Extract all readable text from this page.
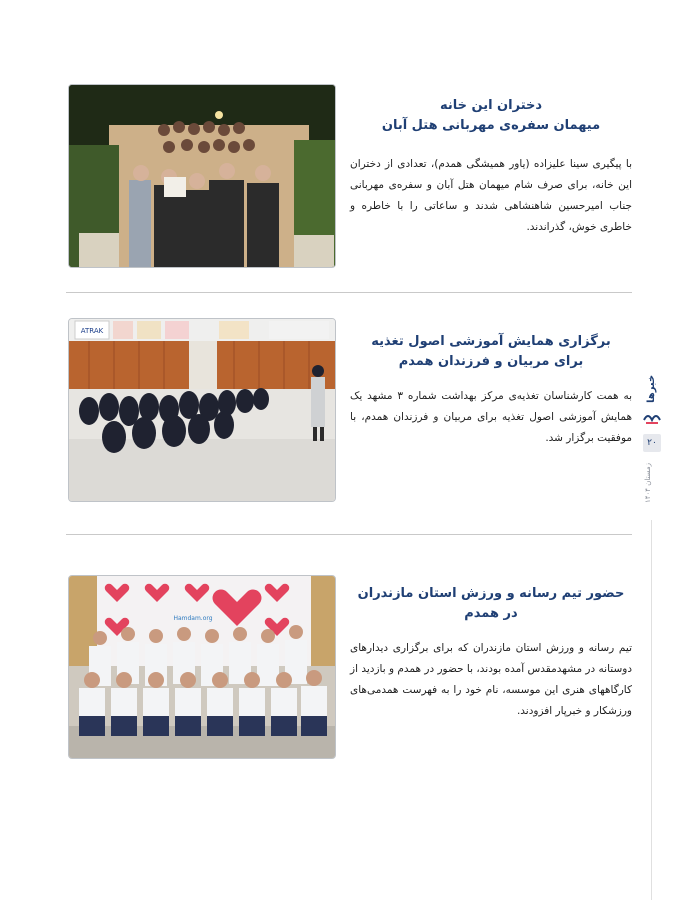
دختران این خانه
میهمان سفره‌ی مهربانی هتل آبان
با پیگیری سینا علیزاده (یاور همیشگی همدم)، تعدادی از دختران این خانه، برای صرف شام میهمان هتل آبان و سفره‌ی مهربانی جناب امیرحسین شاهنشاهی شدند و ساعاتی را با خاطره و خاطری خوش، گذراندند.
ATRAK
برگزاری همایش آموزشی اصول تغذیه
برای مربیان و فرزندان همدم
به همت کارشناسان تغذیه‌ی مرکز بهداشت شماره ۳ مشهد یک همایش آموزشی اصول تغذیه برای مربیان و فرزندان همدم، با موفقیت برگزار شد.
Hamdam.org
حضور تیم رسانه و ورزش استان مازندران
در همدم
تیم رسانه و ورزش استان مازندران که برای برگزاری دیدارهای دوستانه در مشهدمقدس آمده بودند، با حضور در همدم و بازدید از کارگاههای هنری این موسسه، نام خود را به فهرست همدمی‌های ورزشکار و خبرپار افزودند.
خبرها
۲۰
زمستان ۱۴۰۴
